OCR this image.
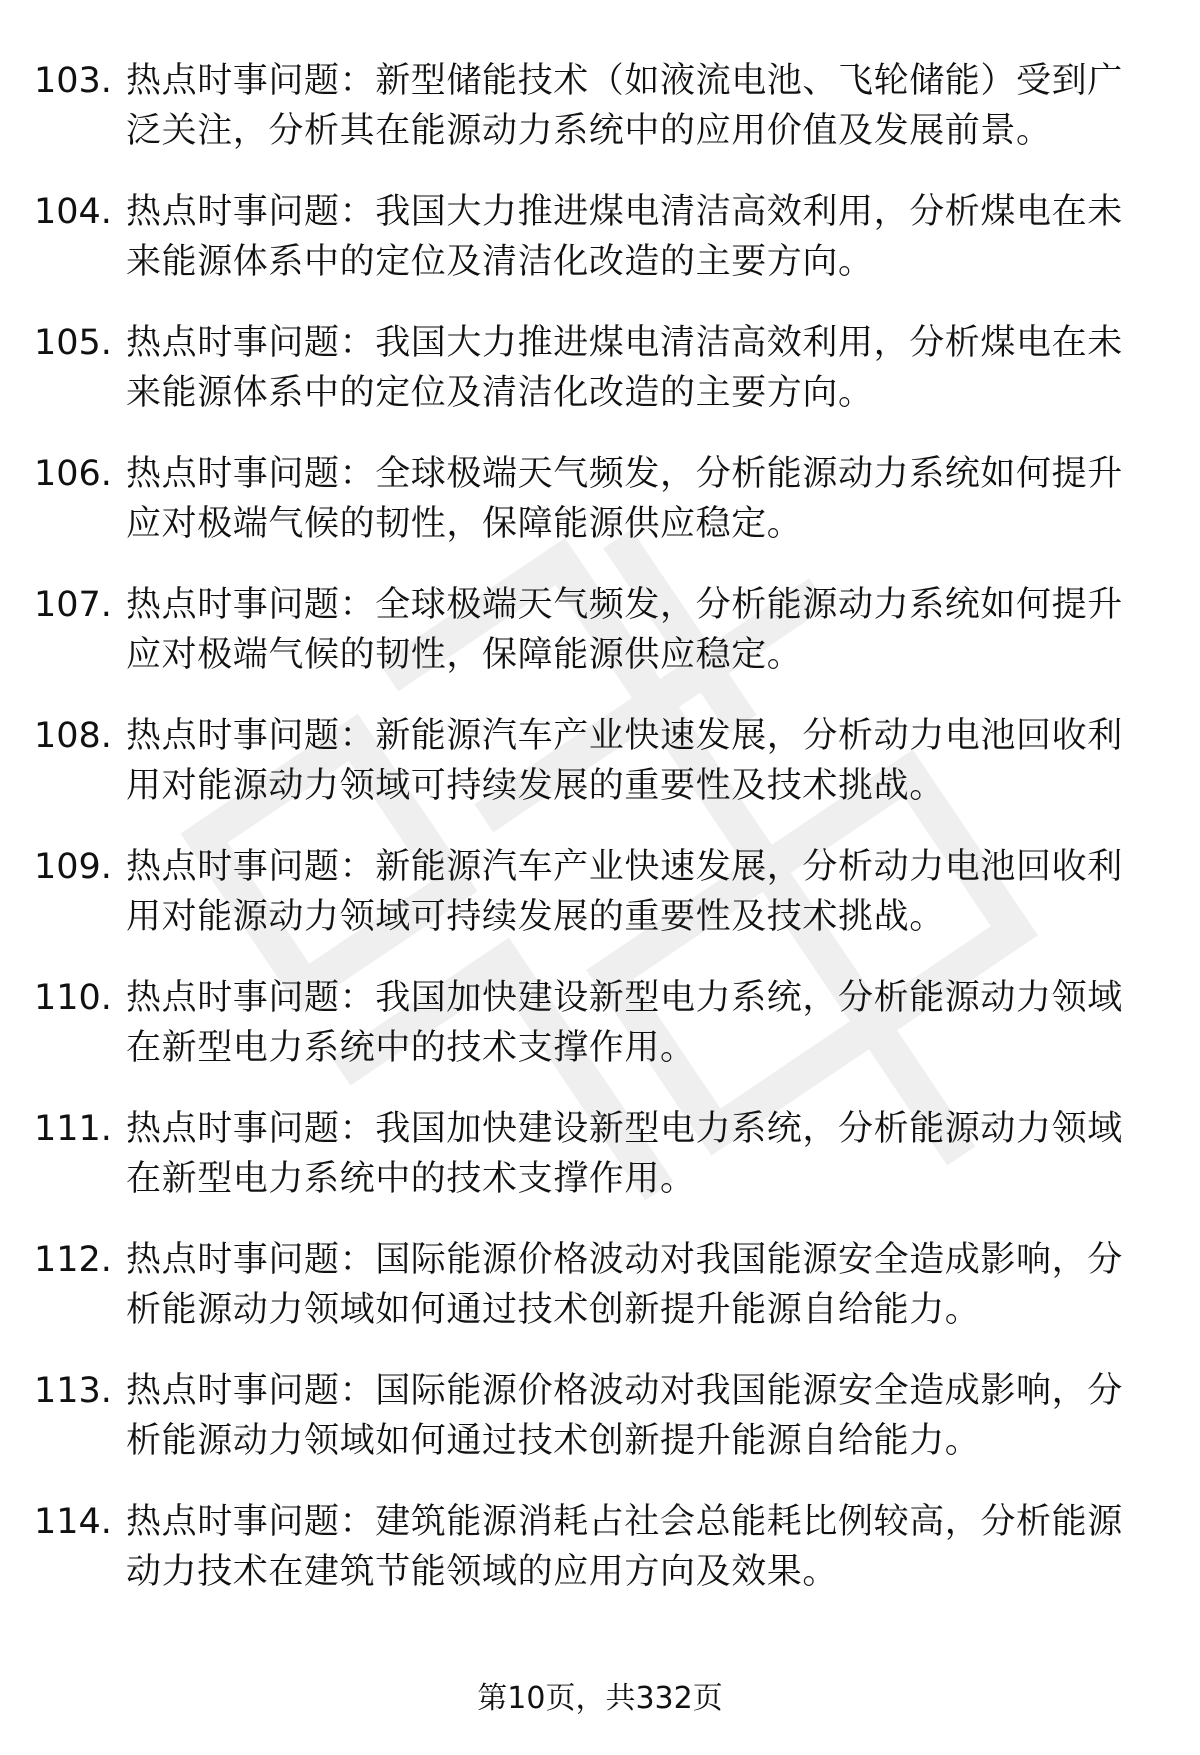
103. 热点时事问题：新型储能技术（如液流电池、飞轮储能）受到广泛关注，分析其在能源动力系统中的应用价值及发展前景。
104. 热点时事问题：我国大力推进煤电清洁高效利用，分析煤电在未来能源体系中的定位及清洁化改造的主要方向。
105. 热点时事问题：我国大力推进煤电清洁高效利用，分析煤电在未来能源体系中的定位及清洁化改造的主要方向。
106. 热点时事问题：全球极端天气频发，分析能源动力系统如何提升应对极端气候的韧性，保障能源供应稳定。
107. 热点时事问题：全球极端天气频发，分析能源动力系统如何提升应对极端气候的韧性，保障能源供应稳定。
108. 热点时事问题：新能源汽车产业快速发展，分析动力电池回收利用对能源动力领域可持续发展的重要性及技术挑战。
109. 热点时事问题：新能源汽车产业快速发展，分析动力电池回收利用对能源动力领域可持续发展的重要性及技术挑战。
110. 热点时事问题：我国加快建设新型电力系统，分析能源动力领域在新型电力系统中的技术支撑作用。
111. 热点时事问题：我国加快建设新型电力系统，分析能源动力领域在新型电力系统中的技术支撑作用。
112. 热点时事问题：国际能源价格波动对我国能源安全造成影响，分析能源动力领域如何通过技术创新提升能源自给能力。
113. 热点时事问题：国际能源价格波动对我国能源安全造成影响，分析能源动力领域如何通过技术创新提升能源自给能力。
114. 热点时事问题：建筑能源消耗占社会总能耗比例较高，分析能源动力技术在建筑节能领域的应用方向及效果。
第10页，共332页
